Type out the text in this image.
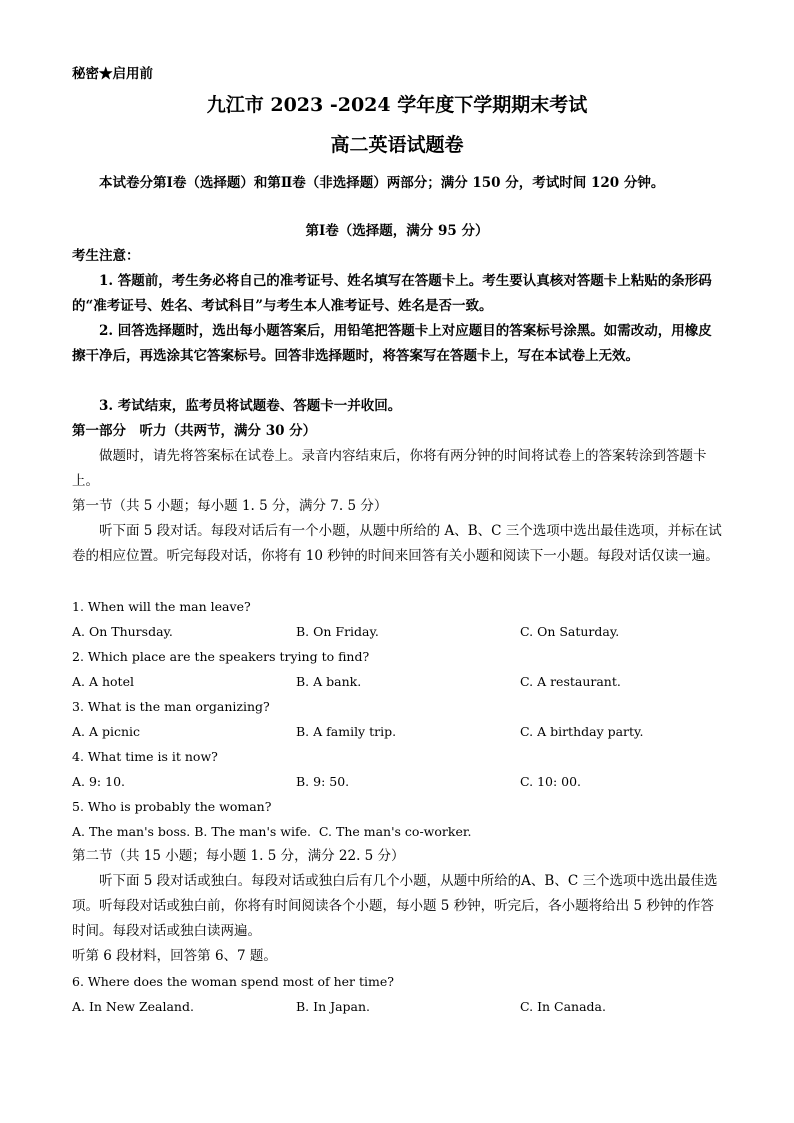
秘密★启用前
九江市 2023 -2024 学年度下学期期末考试
高二英语试题卷
本试卷分第Ⅰ卷（选择题）和第Ⅱ卷（非选择题）两部分；满分 150 分，考试时间 120 分钟。
第Ⅰ卷（选择题，满分 95 分）
考生注意：
1. 答题前，考生务必将自己的准考证号、姓名填写在答题卡上。考生要认真核对答题卡上粘贴的条形码的“准考证号、姓名、考试科目”与考生本人准考证号、姓名是否一致。
2. 回答选择题时，选出每小题答案后，用铅笔把答题卡上对应题目的答案标号涂黑。如需改动，用橡皮擦干净后，再选涂其它答案标号。回答非选择题时，将答案写在答题卡上，写在本试卷上无效。
3. 考试结束，监考员将试题卷、答题卡一并收回。
第一部分　听力（共两节，满分 30 分）
做题时，请先将答案标在试卷上。录音内容结束后，你将有两分钟的时间将试卷上的答案转涂到答题卡上。
第一节（共 5 小题；每小题 1. 5 分，满分 7. 5 分）
听下面 5 段对话。每段对话后有一个小题，从题中所给的 A、B、C 三个选项中选出最佳选项，并标在试卷的相应位置。听完每段对话，你将有 10 秒钟的时间来回答有关小题和阅读下一小题。每段对话仅读一遍。
1. When will the man leave?
A. On Thursday.	B. On Friday.	C. On Saturday.
2. Which place are the speakers trying to find?
A. A hotel	B. A bank.	C. A restaurant.
3. What is the man organizing?
A. A picnic	B. A family trip.	C. A birthday party.
4. What time is it now?
A. 9: 10.	B. 9: 50.	C. 10: 00.
5. Who is probably the woman?
A. The man's boss. B. The man's wife.  C. The man's co-worker.
第二节（共 15 小题；每小题 1. 5 分，满分 22. 5 分）
听下面 5 段对话或独白。每段对话或独白后有几个小题，从题中所给的A、B、C 三个选项中选出最佳选项。听每段对话或独白前，你将有时间阅读各个小题，每小题 5 秒钟，听完后，各小题将给出 5 秒钟的作答时间。每段对话或独白读两遍。
听第 6 段材料，回答第 6、7 题。
6. Where does the woman spend most of her time?
A. In New Zealand.	B. In Japan.	C. In Canada.
